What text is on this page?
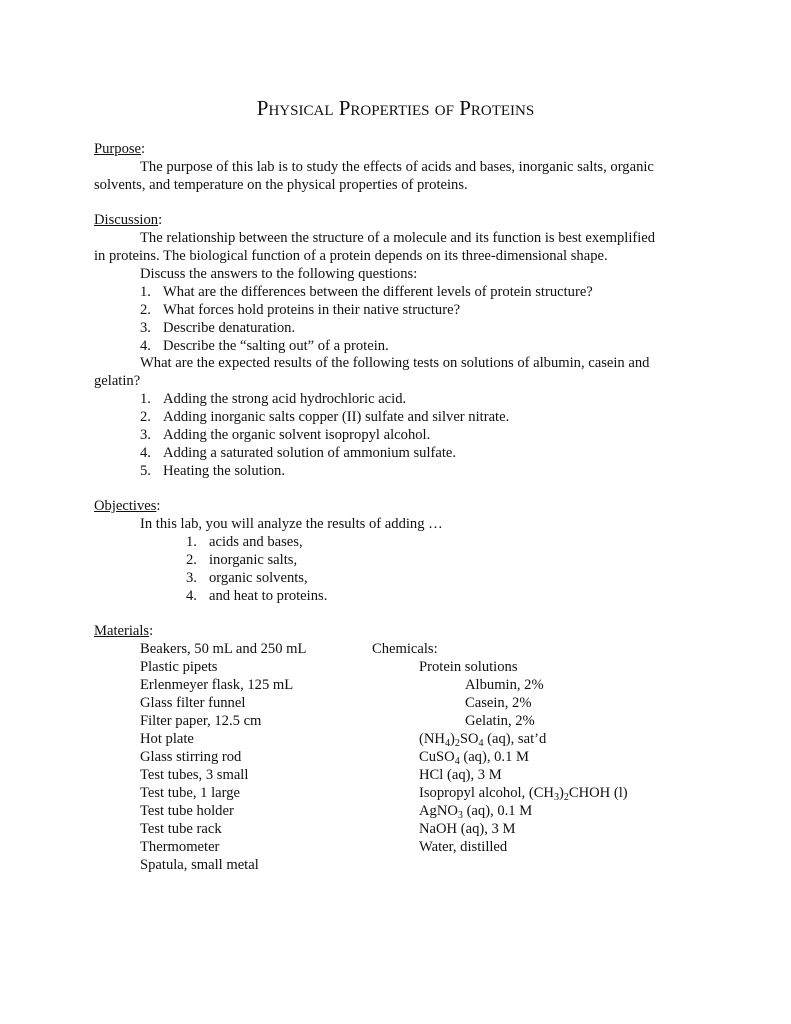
Physical Properties of Proteins
Purpose:
The purpose of this lab is to study the effects of acids and bases, inorganic salts, organic
solvents, and temperature on the physical properties of proteins.
Discussion:
The relationship between the structure of a molecule and its function is best exemplified
in proteins. The biological function of a protein depends on its three-dimensional shape.
Discuss the answers to the following questions:
1. What are the differences between the different levels of protein structure?
2. What forces hold proteins in their native structure?
3. Describe denaturation.
4. Describe the “salting out” of a protein.
What are the expected results of the following tests on solutions of albumin, casein and
gelatin?
1. Adding the strong acid hydrochloric acid.
2. Adding inorganic salts copper (II) sulfate and silver nitrate.
3. Adding the organic solvent isopropyl alcohol.
4. Adding a saturated solution of ammonium sulfate.
5. Heating the solution.
Objectives:
In this lab, you will analyze the results of adding …
1. acids and bases,
2. inorganic salts,
3. organic solvents,
4. and heat to proteins.
Materials:
Beakers, 50 mL and 250 mL
Plastic pipets
Erlenmeyer flask, 125 mL
Glass filter funnel
Filter paper, 12.5 cm
Hot plate
Glass stirring rod
Test tubes, 3 small
Test tube, 1 large
Test tube holder
Test tube rack
Thermometer
Spatula, small metal
Chemicals:
Protein solutions
Albumin, 2%
Casein, 2%
Gelatin, 2%
$(NH_4)_2SO_4$ (aq), sat’d
CuSO$_4$ (aq), 0.1 M
HCl (aq), 3 M
Isopropyl alcohol, $(CH_3)_2CHOH$ (l)
AgNO$_3$ (aq), 0.1 M
NaOH (aq), 3 M
Water, distilled
